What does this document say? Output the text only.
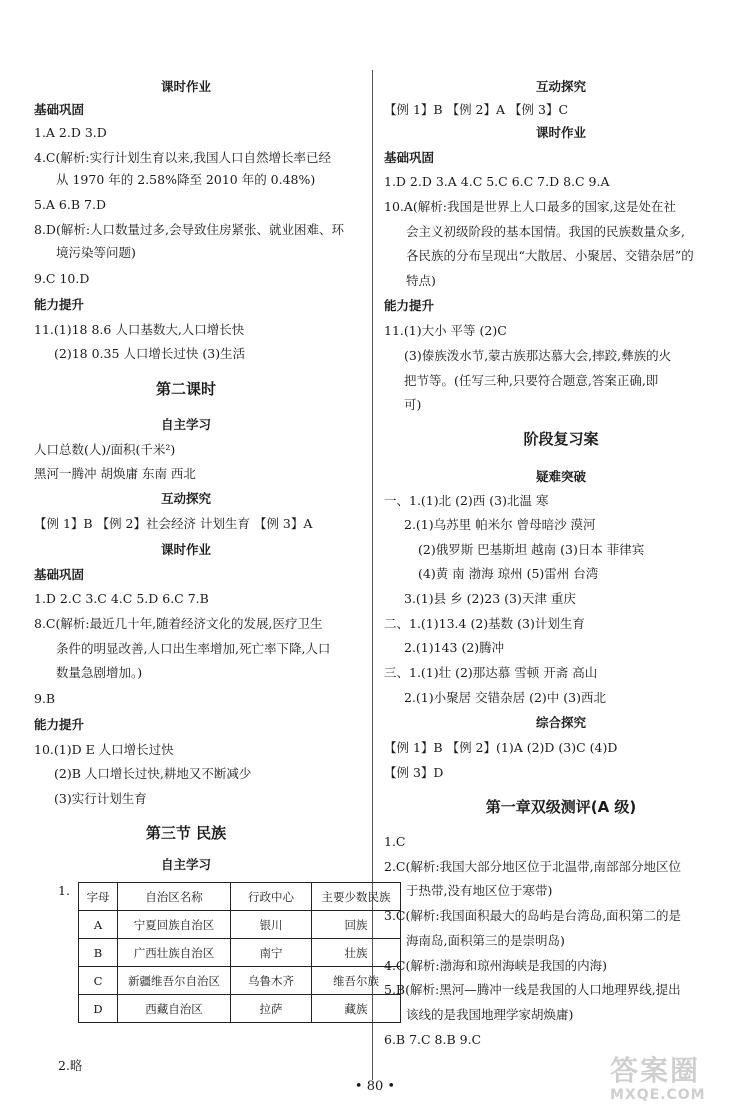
课时作业
基础巩固
1.A 2.D 3.D
4.C(解析:实行计划生育以来,我国人口自然增长率已经
从 1970 年的 2.58%降至 2010 年的 0.48%)
5.A 6.B 7.D
8.D(解析:人口数量过多,会导致住房紧张、就业困难、环
境污染等问题)
9.C 10.D
能力提升
11.(1)18 8.6 人口基数大,人口增长快
(2)18 0.35 人口增长过快 (3)生活
第二课时
自主学习
人口总数(人)/面积(千米²)
黑河一腾冲 胡焕庸 东南 西北
互动探究
【例 1】B 【例 2】社会经济 计划生育 【例 3】A
课时作业
基础巩固
1.D 2.C 3.C 4.C 5.D 6.C 7.B
8.C(解析:最近几十年,随着经济文化的发展,医疗卫生
条件的明显改善,人口出生率增加,死亡率下降,人口
数量急剧增加。)
9.B
能力提升
10.(1)D E 人口增长过快
(2)B 人口增长过快,耕地又不断减少
(3)实行计划生育
第三节 民族
自主学习
1.
2.略
互动探究
【例 1】B 【例 2】A 【例 3】C
课时作业
基础巩固
1.D 2.D 3.A 4.C 5.C 6.C 7.D 8.C 9.A
10.A(解析:我国是世界上人口最多的国家,这是处在社
会主义初级阶段的基本国情。我国的民族数量众多,
各民族的分布呈现出“大散居、小聚居、交错杂居”的
特点)
能力提升
11.(1)大小 平等 (2)C
(3)傣族泼水节,蒙古族那达慕大会,摔跤,彝族的火
把节等。(任写三种,只要符合题意,答案正确,即
可)
阶段复习案
疑难突破
一、1.(1)北 (2)西 (3)北温 寒
2.(1)乌苏里 帕米尔 曾母暗沙 漠河
(2)俄罗斯 巴基斯坦 越南 (3)日本 菲律宾
(4)黄 南 渤海 琼州 (5)雷州 台湾
3.(1)县 乡 (2)23 (3)天津 重庆
二、1.(1)13.4 (2)基数 (3)计划生育
2.(1)143 (2)腾冲
三、1.(1)壮 (2)那达慕 雪顿 开斋 高山
2.(1)小聚居 交错杂居 (2)中 (3)西北
综合探究
【例 1】B 【例 2】(1)A (2)D (3)C (4)D
【例 3】D
第一章双级测评(A 级)
1.C
2.C(解析:我国大部分地区位于北温带,南部部分地区位
于热带,没有地区位于寒带)
3.C(解析:我国面积最大的岛屿是台湾岛,面积第二的是
海南岛,面积第三的是崇明岛)
4.C(解析:渤海和琼州海峡是我国的内海)
5.B(解析:黑河—腾冲一线是我国的人口地理界线,提出
该线的是我国地理学家胡焕庸)
6.B 7.C 8.B 9.C
字母	自治区名称	行政中心	主要少数民族
A	宁夏回族自治区	银川	回族
B	广西壮族自治区	南宁	壮族
C	新疆维吾尔自治区	乌鲁木齐	维吾尔族
D	西藏自治区	拉萨	藏族
• 80 •	答案圈
MXQE.COM
